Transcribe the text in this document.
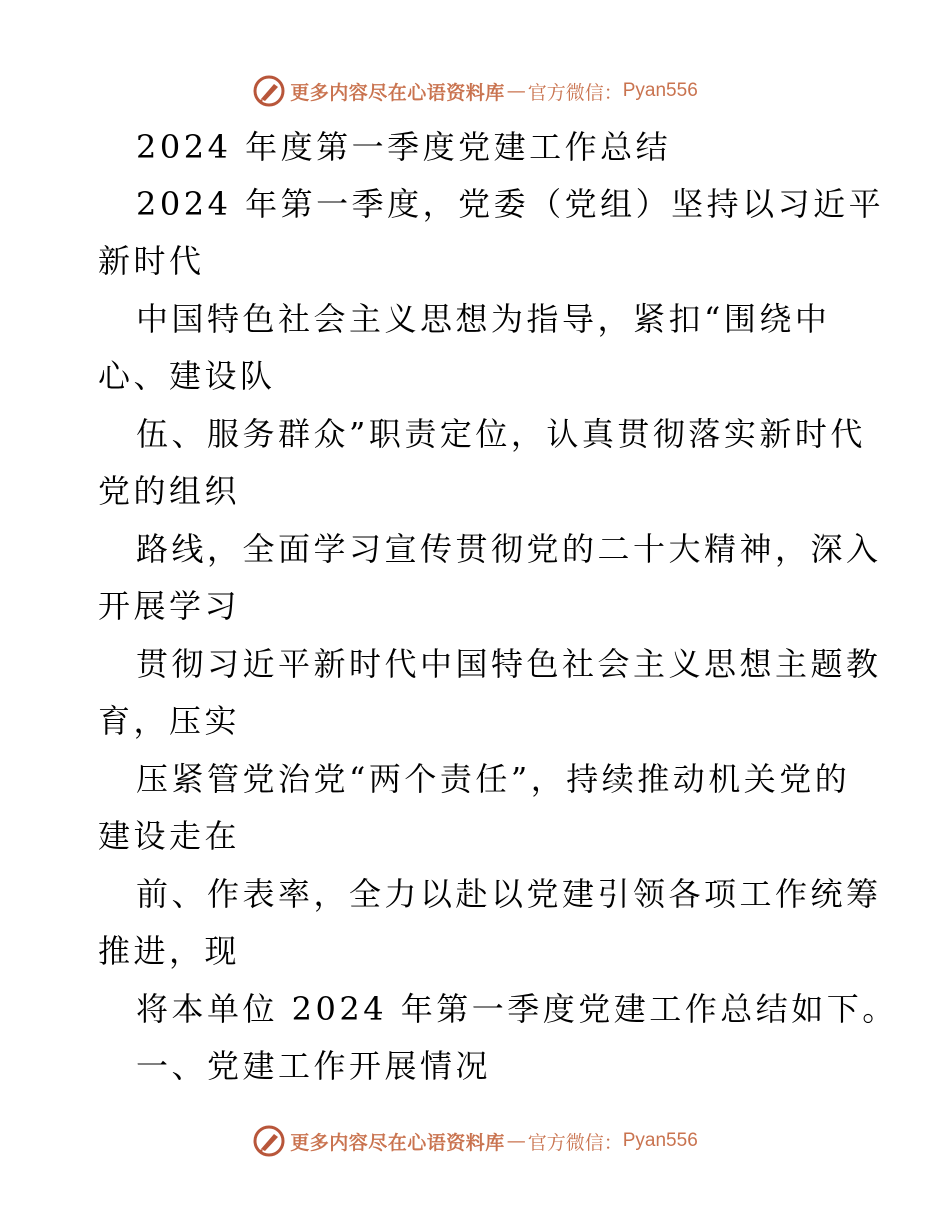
更多内容尽在心语资料库 — 官方微信： Pyan556
2024 年度第一季度党建工作总结
2024 年第一季度，党委（党组）坚持以习近平
新时代
中国特色社会主义思想为指导，紧扣“围绕中
心、建设队
伍、服务群众”职责定位，认真贯彻落实新时代
党的组织
路线，全面学习宣传贯彻党的二十大精神，深入
开展学习
贯彻习近平新时代中国特色社会主义思想主题教
育，压实
压紧管党治党“两个责任”，持续推动机关党的
建设走在
前、作表率，全力以赴以党建引领各项工作统筹
推进，现
将本单位 2024 年第一季度党建工作总结如下。
一、党建工作开展情况
更多内容尽在心语资料库 — 官方微信： Pyan556
